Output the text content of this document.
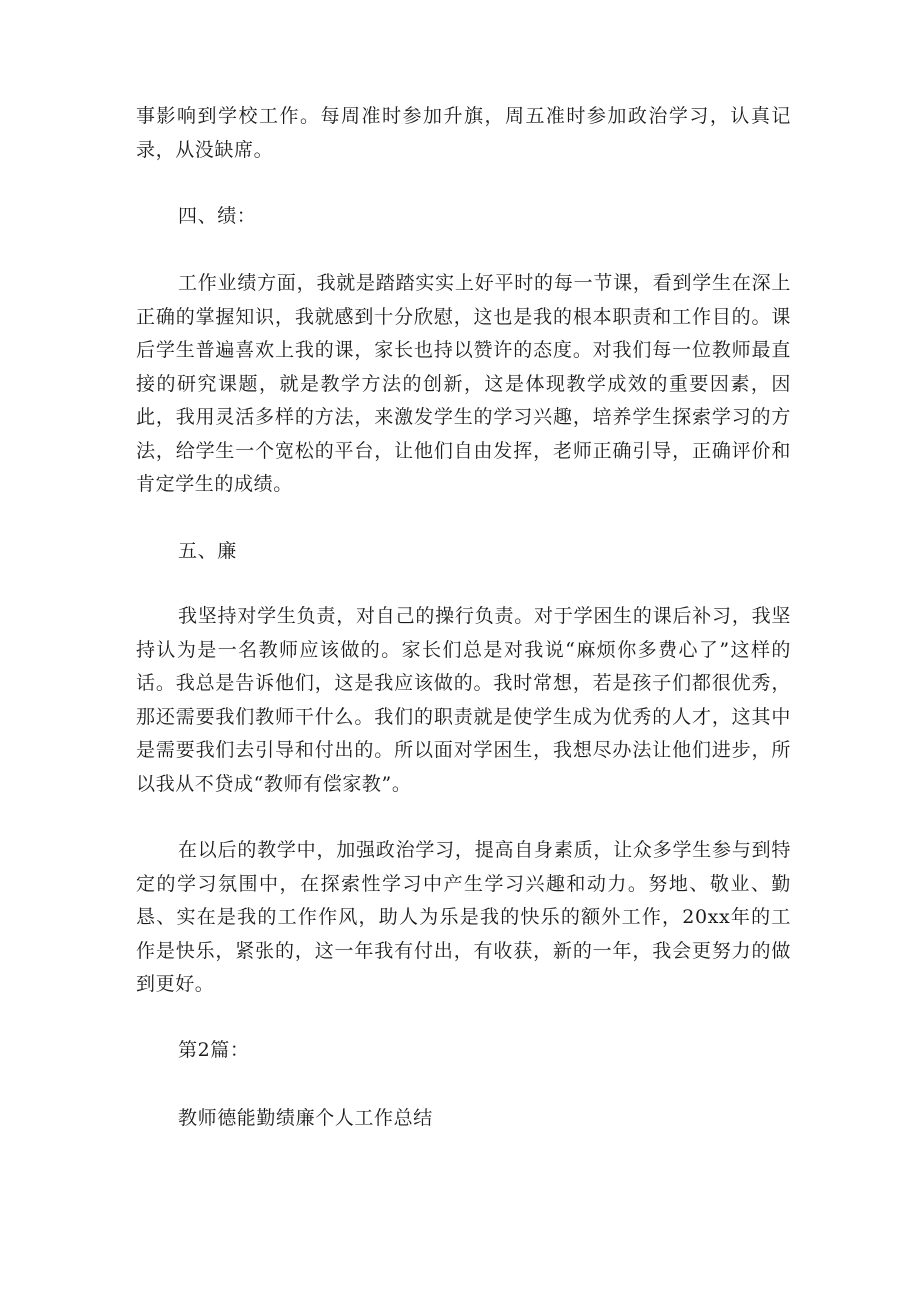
事影响到学校工作。每周准时参加升旗，周五准时参加政治学习，认真记录，从没缺席。

四、绩：

工作业绩方面，我就是踏踏实实上好平时的每一节课，看到学生在深上正确的掌握知识，我就感到十分欣慰，这也是我的根本职责和工作目的。课后学生普遍喜欢上我的课，家长也持以赞许的态度。对我们每一位教师最直接的研究课题，就是教学方法的创新，这是体现教学成效的重要因素，因此，我用灵活多样的方法，来激发学生的学习兴趣，培养学生探索学习的方法，给学生一个宽松的平台，让他们自由发挥，老师正确引导，正确评价和肯定学生的成绩。

五、廉

我坚持对学生负责，对自己的操行负责。对于学困生的课后补习，我坚持认为是一名教师应该做的。家长们总是对我说“麻烦你多费心了”这样的话。我总是告诉他们，这是我应该做的。我时常想，若是孩子们都很优秀，那还需要我们教师干什么。我们的职责就是使学生成为优秀的人才，这其中是需要我们去引导和付出的。所以面对学困生，我想尽办法让他们进步，所以我从不贷成“教师有偿家教”。

在以后的教学中，加强政治学习，提高自身素质，让众多学生参与到特定的学习氛围中，在探索性学习中产生学习兴趣和动力。努地、敬业、勤恳、实在是我的工作作风，助人为乐是我的快乐的额外工作，20xx年的工作是快乐，紧张的，这一年我有付出，有收获，新的一年，我会更努力的做到更好。

第2篇：

教师德能勤绩廉个人工作总结
